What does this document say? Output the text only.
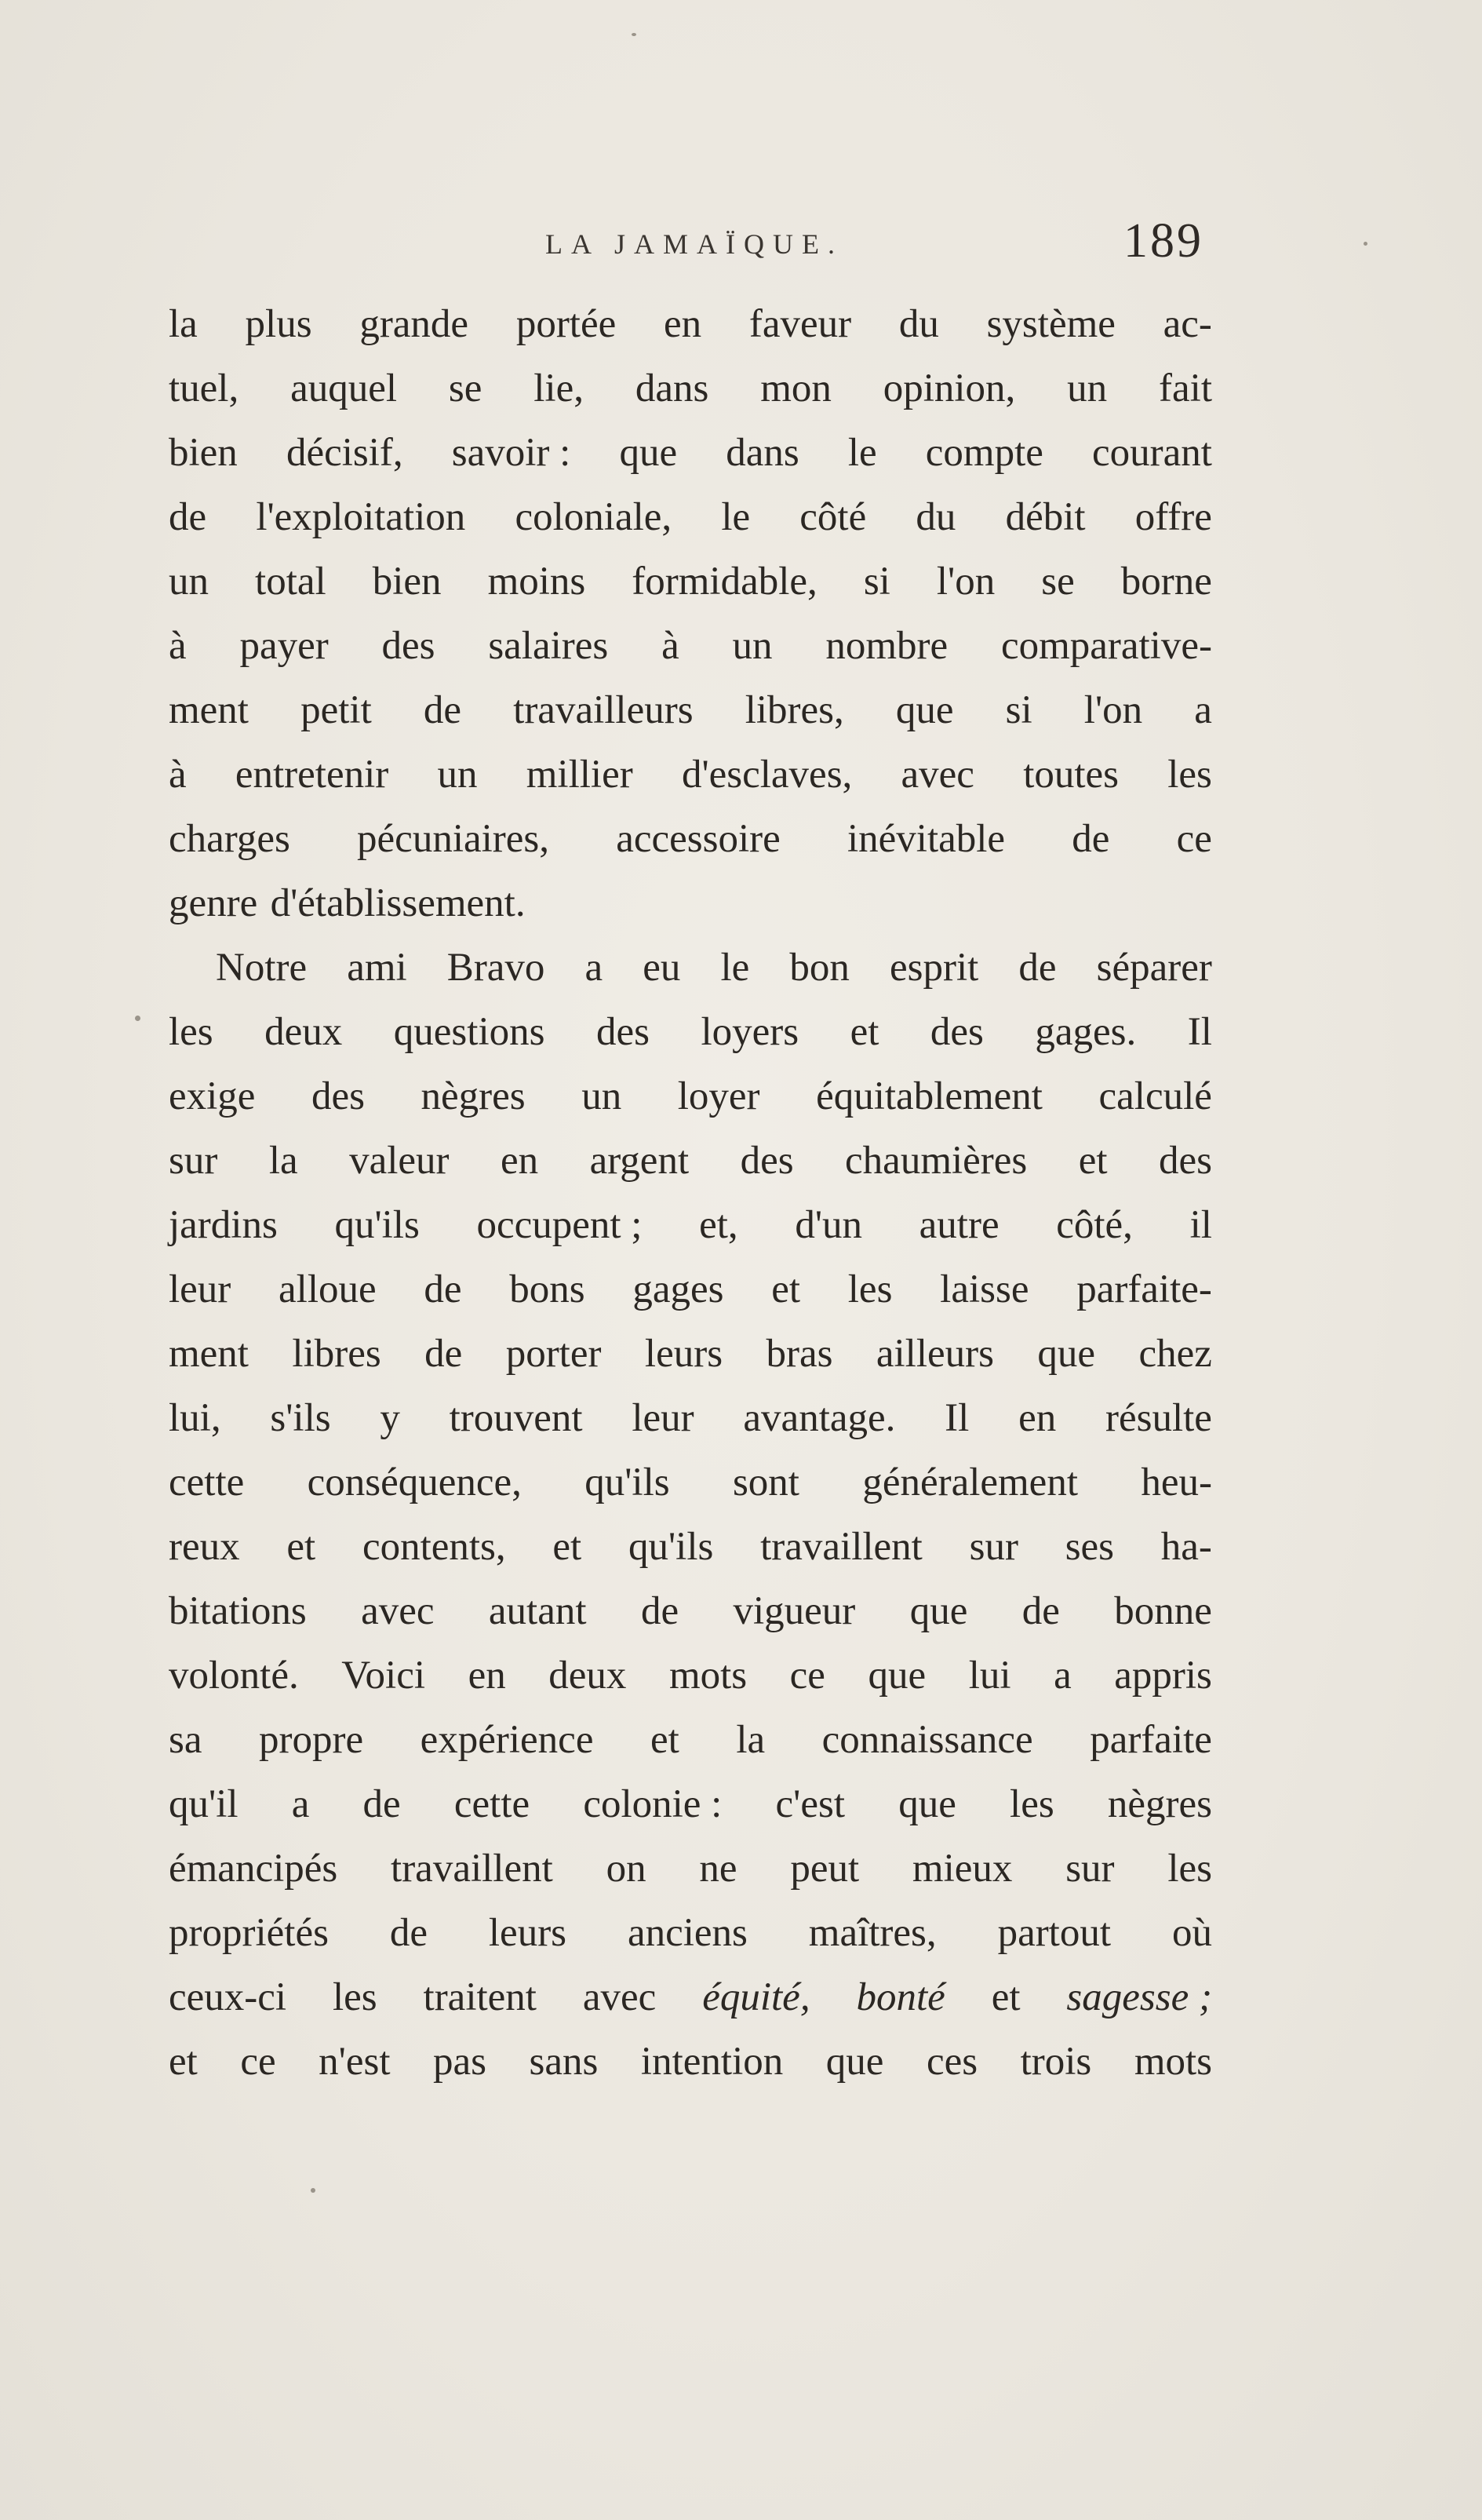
LA JAMAÏQUE.	189
la plus grande portée en faveur du système ac-
tuel, auquel se lie, dans mon opinion, un fait
bien décisif, savoir : que dans le compte courant
de l'exploitation coloniale, le côté du débit offre
un total bien moins formidable, si l'on se borne
à payer des salaires à un nombre comparative-
ment petit de travailleurs libres, que si l'on a
à entretenir un millier d'esclaves, avec toutes les
charges pécuniaires, accessoire inévitable de ce
genre d'établissement.
Notre ami Bravo a eu le bon esprit de séparer
les deux questions des loyers et des gages. Il
exige des nègres un loyer équitablement calculé
sur la valeur en argent des chaumières et des
jardins qu'ils occupent ; et, d'un autre côté, il
leur alloue de bons gages et les laisse parfaite-
ment libres de porter leurs bras ailleurs que chez
lui, s'ils y trouvent leur avantage. Il en résulte
cette conséquence, qu'ils sont généralement heu-
reux et contents, et qu'ils travaillent sur ses ha-
bitations avec autant de vigueur que de bonne
volonté. Voici en deux mots ce que lui a appris
sa propre expérience et la connaissance parfaite
qu'il a de cette colonie : c'est que les nègres
émancipés travaillent on ne peut mieux sur les
propriétés de leurs anciens maîtres, partout où
ceux-ci les traitent avec équité, bonté et sagesse ;
et ce n'est pas sans intention que ces trois mots
